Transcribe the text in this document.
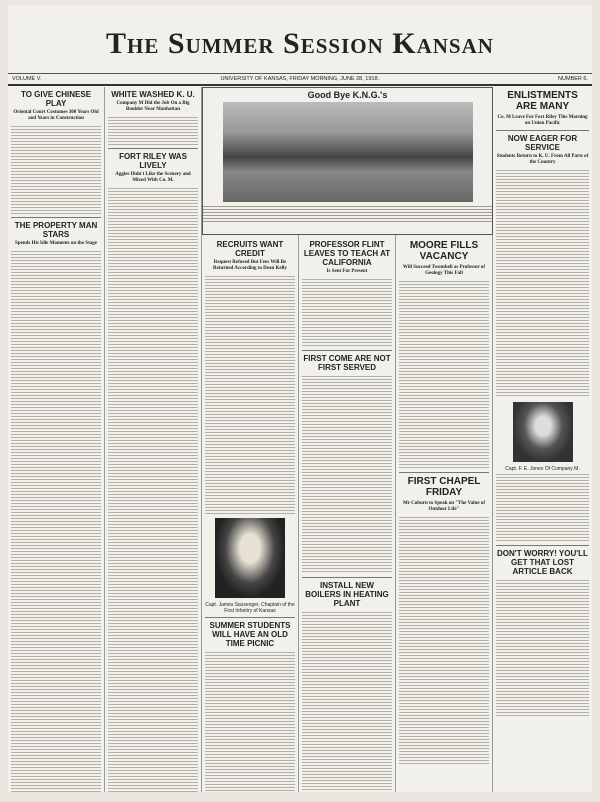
The Summer Session Kansan
VOLUME V.	UNIVERSITY OF KANSAS, FRIDAY MORNING, JUNE 28, 1918.	NUMBER 6.
TO GIVE CHINESE PLAY
Oriental Court Costumes 300 Years Old and Years in Construction
THE PROPERTY MAN STARS
Spends His Idle Moments on the Stage
WHITE WASHED K. U.
Company M Did the Job On a Big Boulder Near Manhattan
FORT RILEY WAS LIVELY
Aggies Didn't Like the Scenery and Mixed With Co. M.
RECRUITS WANT CREDIT
Request Refused But Fees Will Be Returned According to Dean Kelly
Capt. James Sassenger, Chaplain of the First Infantry of Kansas
SUMMER STUDENTS WILL HAVE AN OLD TIME PICNIC
PROFESSOR FLINT LEAVES TO TEACH AT CALIFORNIA
Is Sent For Present
FIRST COME ARE NOT FIRST SERVED
INSTALL NEW BOILERS IN HEATING PLANT
MOORE FILLS VACANCY
Will Succeed Twombeli as Professor of Geology This Fall
FIRST CHAPEL FRIDAY
Mr Coburn to Speak on "The Value of Outdoor Life"
ENLISTMENTS ARE MANY
Co. M Leave For Fort Riley This Morning on Union Pacific
NOW EAGER FOR SERVICE
Students Return to K. U. From All Parts of the Country
Capt. F. E. Jones Of Company M.
DON'T WORRY! YOU'LL GET THAT LOST ARTICLE BACK
Good Bye K.N.G.'s
